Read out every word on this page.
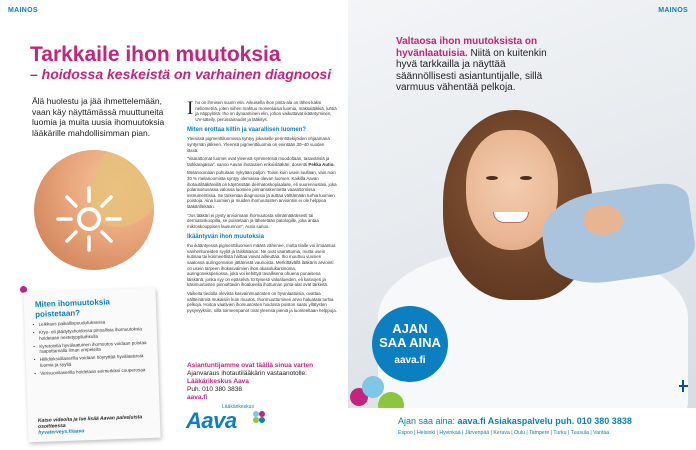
MAINOS
Tarkkaile ihon muutoksia
– hoidossa keskeistä on varhainen diagnoosi

Älä huolestu ja jää ihmettelemään, vaan käy näyttämässä muuttuneita luomia ja muita uusia ihomuutoksia lääkärille mahdollisimman pian.

Miten ihomuutoksia poistetaan?
• Leikkaus paikallispuudutuksessa
• Kryo- eli jäädytyshoidossa pinnallisia ihomuutoksia hoidetaan nestetyppiluihkulla
• Kyretointia hyvälaatuinen ihomuutos voidaan poistaa raaputtamalla ilman ompeleita
• Hiilidioksidilaserilla voidaan höyryttää hyvälaatuisia luomia ja syyliä
• Verisuonilaserilla hoidetaan esimerkiksi couperosaa

Katso videoita ja lue lisää Aavan palveluista osoitteessa
hyvaterveys.fi/aava

Iho on ihmisen suurin elin. Aikuisella ihon pinta-ala on lähes kaksi neliömetriä, joten siihen mahtuu monenlaisia luomia, maksaläikkiä, luhtiä ja näppylöitä. Iho on dynaaminen elin, johon vaikuttavat ikääntyminen, UV-säteily, perussairaudet ja lääkitys.

Miten erottaa kiltin ja vaarallisen luomen?

Yleisissä pigmenttiluomissa syntyy jokaiselle perintötekijöiden ohjaamana syntymän jälkeen. Yleensä pigmenttiluomia on enintään 30–40 vuoden iässä.

"Vaarattomat luomet ovat yleensä symmetrisiä muodoltaan, tasavärisiä ja tarkkarajaisia", sanoo Aavan ihotautien erikoislääkäri, dosentti Pekka Autio.

Melanoomaan puhutaan nykyään paljon. Toisin kuin usein luullaan, vain noin 30 % melanoomista syntyy olemassa olevan luomen. Kaikilla Aavan ihotautilääkäreillä on käytössään dermatoskopiaalaite, eli suurennuslasi, joka polarisoituvassa valossa luomien pinnanrakennetta vaarattomissa instrumentissa. Se tarkentaa diagnoosia ja auttaa välttämään turhia luomien poistoja. Aina luomien ja muiden ihomuutosten arviointiin ei ole helppoa lääkärillekään.

"Jos lääkäri ei pysty arvioimaan ihomuutosta silmämääräisesti tai dermatoskoopilla, se poistetaan ja lähetetään patologille, joka antaa mikroskooppisen lausunnon", Autio sanoo.

Ikääntyvän ihon muutoksia

Iho ikääntyessä pigmenttiluomien määrä vähenee, mutta tilalle voi ilmaantua vanhentuneiden syyliä ja läiskätason. Ne ovat vaarattomia, mutta usein kutinaa tai kosmeettista haittaa voivat aiheuttaa. Iho muuttuu vuosien saatossa auringonvalon jättämistä vaurioista. Merkittävällä lääkärin arviointi on usein tarpeen ihokasvaimien ihon okasolukarsinoma, auringoneksperiossa, joka voi kehittyä tavallisena ohuena punaisena läiskänä, jonka syy on epäselvä. Erityisesti valoalueiden, eli kasvojen ja käsimuutosten pinnoittaviin ihoalueella ihottuman pinta-alat ovat tärkeitä.

Vaikeita tiedolla olevista kasvainmuutosten on hyvinlaatuisia, ovattaa vältteinämiä mukaisiin kuin muutos. Ihonmuuttuminen arvio haluatata turhia pelkoja. Hoitoa vaativien ihomuutosten hoidosta poiston saatu yllätysten pysyvyyksiin, sillä toimeenpanot ovat yleensä pieniä ja luonteeltaan helppoja.

Asiantuntijamme ovat täällä sinua varten
Ajanvaraus ihotautilääkärin vastaanotolle:
Lääkärikeskus Aava
Puh. 010 380 3838
aava.fi

Lääkärikeskus
Aava
MAINOS

Valtaosa ihon muutoksista on hyvänlaatuisia. Niitä on kuitenkin hyvä tarkkailla ja näyttää säännöllisesti asiantuntijalle, sillä varmuus vähentää pelkoja.

AJAN
SAA AINA
aava.fi

Ajan saa aina: aava.fi Asiakaspalvelu puh. 010 380 3838

Espoo | Helsinki | Hyvinkää | Järvenpää | Kerava | Oulu | Tampere | Turku | Tuusula | Vantaa
